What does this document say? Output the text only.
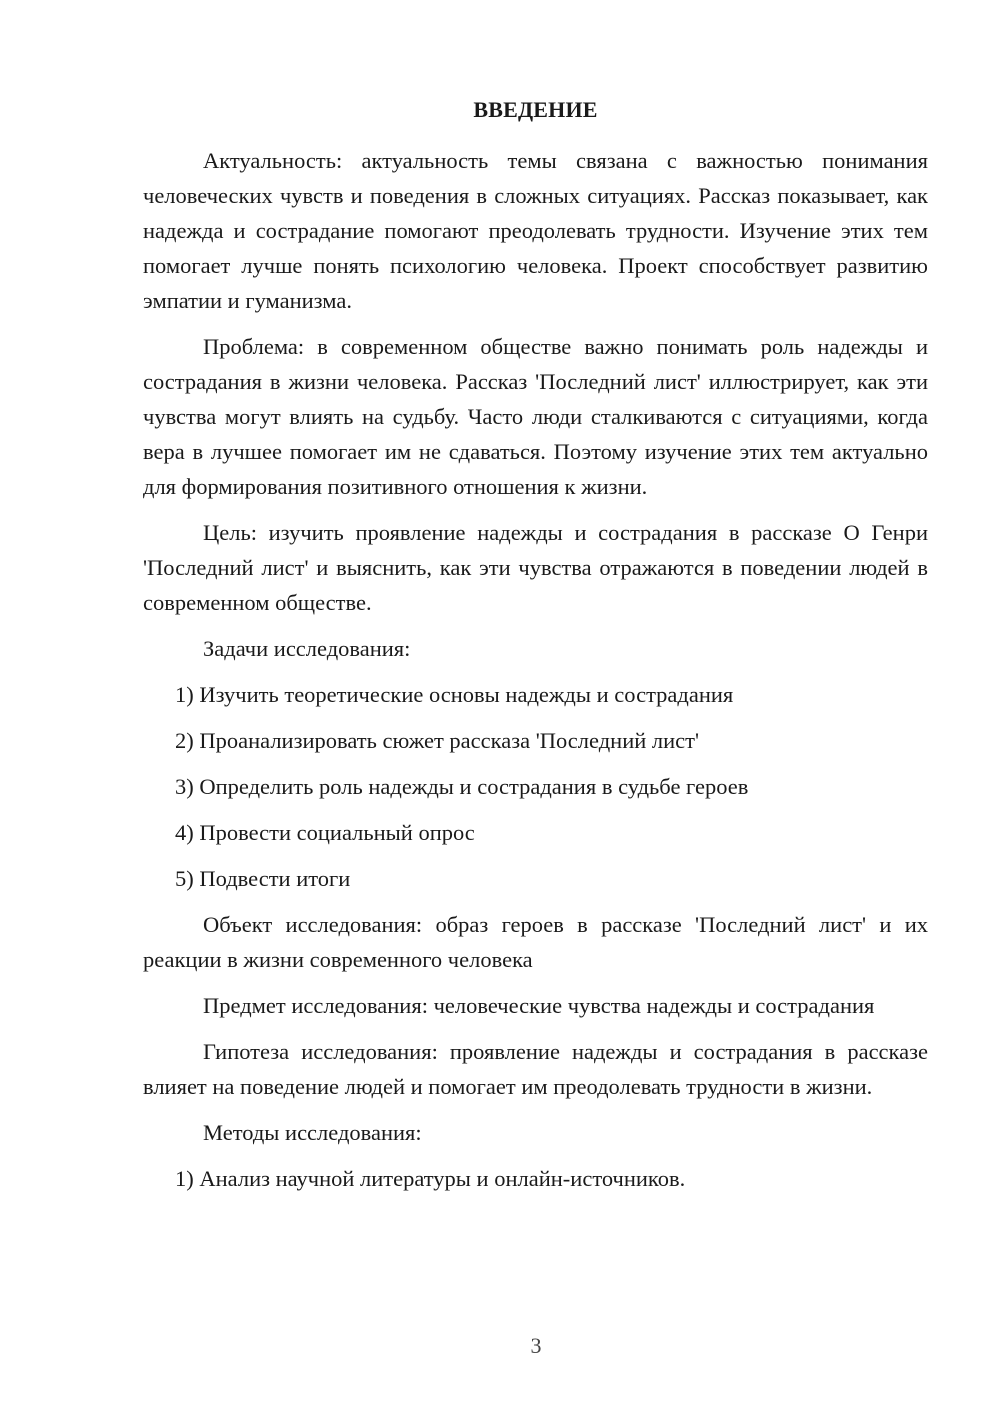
ВВЕДЕНИЕ

Актуальность: актуальность темы связана с важностью понимания человеческих чувств и поведения в сложных ситуациях. Рассказ показывает, как надежда и сострадание помогают преодолевать трудности. Изучение этих тем помогает лучше понять психологию человека. Проект способствует развитию эмпатии и гуманизма.

Проблема: в современном обществе важно понимать роль надежды и сострадания в жизни человека. Рассказ 'Последний лист' иллюстрирует, как эти чувства могут влиять на судьбу. Часто люди сталкиваются с ситуациями, когда вера в лучшее помогает им не сдаваться. Поэтому изучение этих тем актуально для формирования позитивного отношения к жизни.

Цель: изучить проявление надежды и сострадания в рассказе О Генри 'Последний лист' и выяснить, как эти чувства отражаются в поведении людей в современном обществе.

Задачи исследования:

1) Изучить теоретические основы надежды и сострадания

2) Проанализировать сюжет рассказа 'Последний лист'

3) Определить роль надежды и сострадания в судьбе героев

4) Провести социальный опрос

5) Подвести итоги

Объект исследования: образ героев в рассказе 'Последний лист' и их реакции в жизни современного человека

Предмет исследования: человеческие чувства надежды и сострадания

Гипотеза исследования: проявление надежды и сострадания в рассказе влияет на поведение людей и помогает им преодолевать трудности в жизни.

Методы исследования:

1) Анализ научной литературы и онлайн-источников.

3
